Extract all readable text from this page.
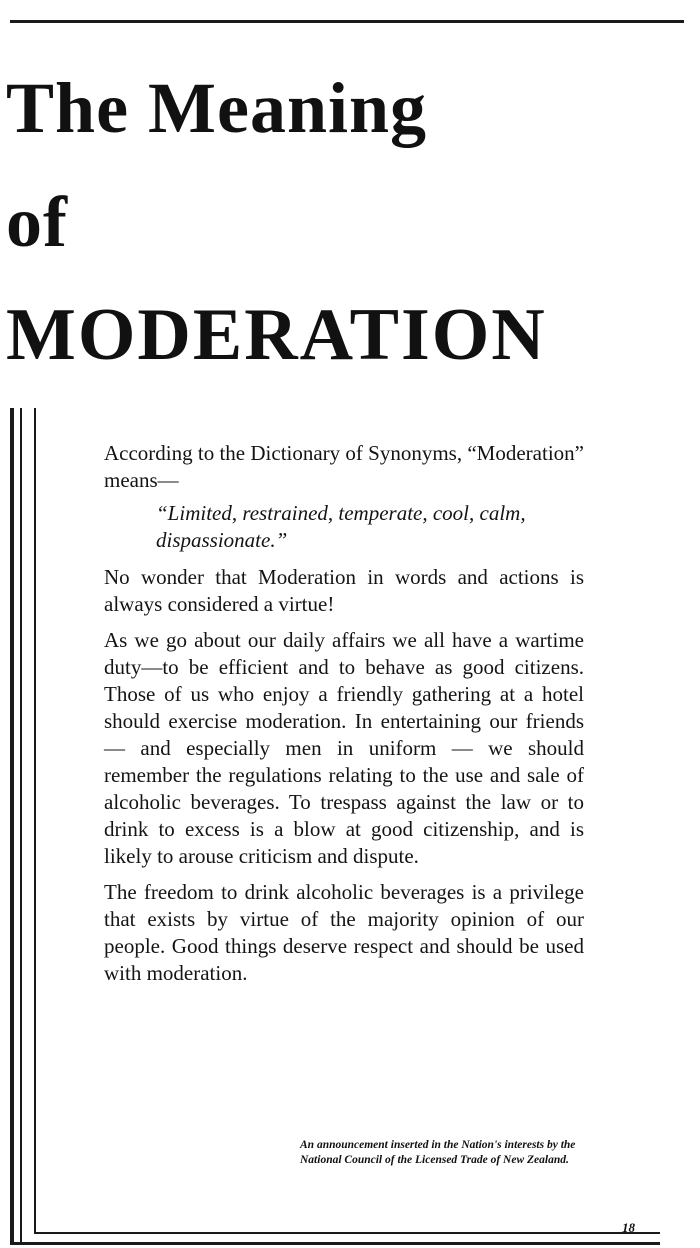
The Meaning
of
MODERATION

According to the Dictionary of Synonyms, “Moderation” means—

“Limited, restrained, temperate, cool, calm, dispassionate.”

No wonder that Moderation in words and actions is always considered a virtue!

As we go about our daily affairs we all have a wartime duty—to be efficient and to behave as good citizens. Those of us who enjoy a friendly gathering at a hotel should exercise moderation. In entertaining our friends — and especially men in uniform — we should remember the regulations relating to the use and sale of alcoholic beverages. To trespass against the law or to drink to excess is a blow at good citizenship, and is likely to arouse criticism and dispute.

The freedom to drink alcoholic beverages is a privilege that exists by virtue of the majority opinion of our people. Good things deserve respect and should be used with moderation.

An announcement inserted in the Nation's interests by the National Council of the Licensed Trade of New Zealand.
18
